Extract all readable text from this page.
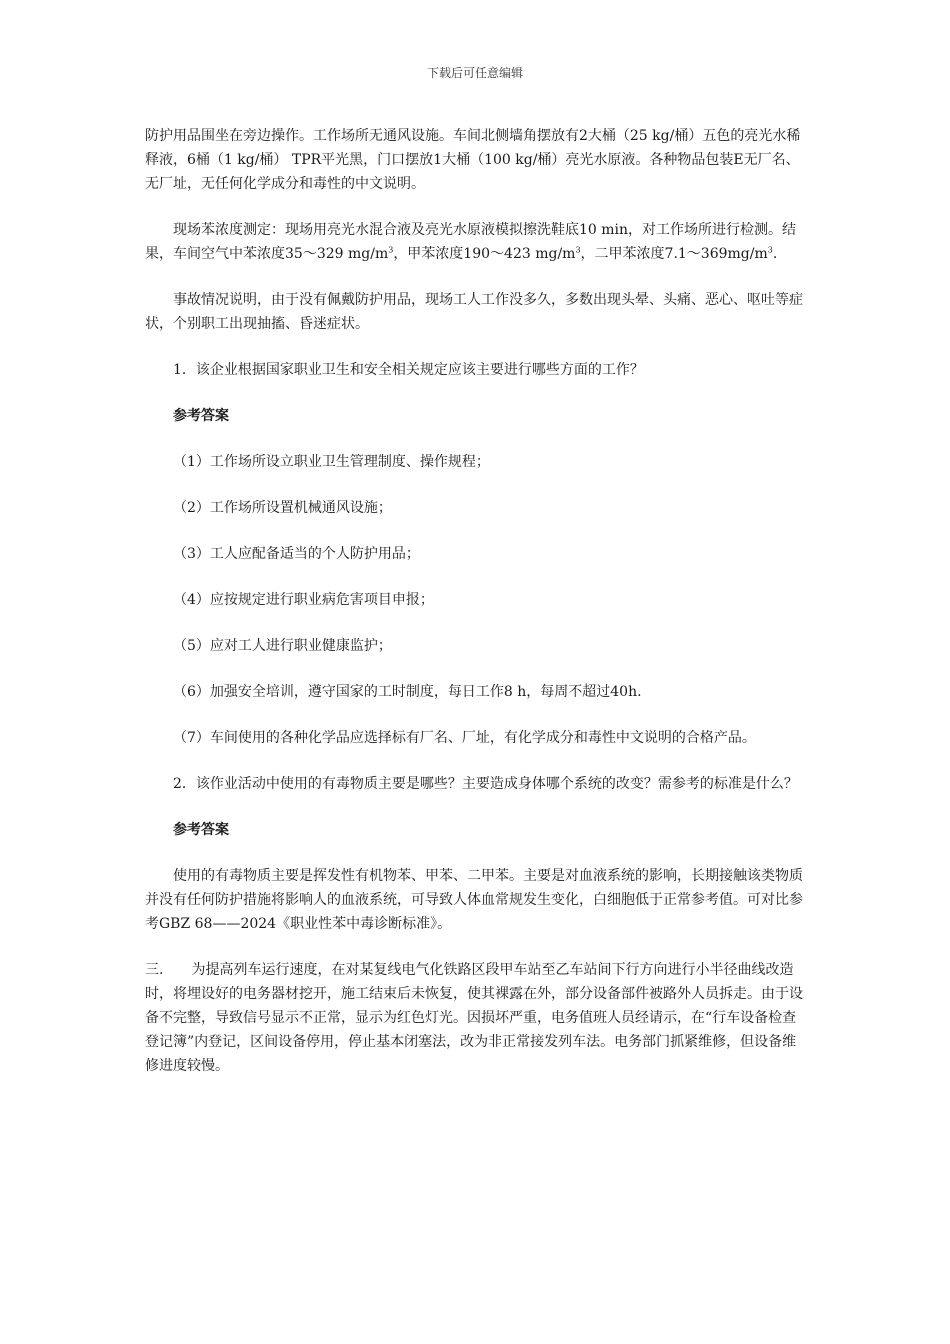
下载后可任意编辑

防护用品围坐在旁边操作。工作场所无通风设施。车间北侧墙角摆放有2大桶（25 kg/桶）五色的亮光水稀释液，6桶（1 kg/桶） TPR平光黑，门口摆放1大桶（100 kg/桶）亮光水原液。各种物品包装E无厂名、无厂址，无任何化学成分和毒性的中文说明。

现场苯浓度测定：现场用亮光水混合液及亮光水原液模拟擦洗鞋底10 min，对工作场所进行检测。结果，车间空气中苯浓度35～329 $mg/m^3$，甲苯浓度190～423 $mg/m^3$，二甲苯浓度$7.1\sim 369mg/m^3$.

事故情况说明，由于没有佩戴防护用品，现场工人工作没多久，多数出现头晕、头痛、恶心、呕吐等症状，个别职工出现抽搐、昏迷症状。

1．该企业根据国家职业卫生和安全相关规定应该主要进行哪些方面的工作？

参考答案

（1）工作场所设立职业卫生管理制度、操作规程；

（2）工作场所设置机械通风设施；

（3）工人应配备适当的个人防护用品；

（4）应按规定进行职业病危害项目申报；

（5）应对工人进行职业健康监护；

（6）加强安全培训，遵守国家的工时制度，每日工作8 h，每周不超过40h.

（7）车间使用的各种化学品应选择标有厂名、厂址，有化学成分和毒性中文说明的合格产品。

2．该作业活动中使用的有毒物质主要是哪些？主要造成身体哪个系统的改变？需参考的标准是什么？

参考答案

使用的有毒物质主要是挥发性有机物苯、甲苯、二甲苯。主要是对血液系统的影响，长期接触该类物质并没有任何防护措施将影响人的血液系统，可导致人体血常规发生变化，白细胞低于正常参考值。可对比参考GBZ 68——2024《职业性苯中毒诊断标准》。

三.　　为提高列车运行速度，在对某复线电气化铁路区段甲车站至乙车站间下行方向进行小半径曲线改造时，将埋设好的电务器材挖开，施工结束后未恢复，使其裸露在外，部分设备部件被路外人员拆走。由于设备不完整，导致信号显示不正常，显示为红色灯光。因损坏严重，电务值班人员经请示，在“行车设备检查登记簿”内登记，区间设备停用，停止基本闭塞法，改为非正常接发列车法。电务部门抓紧维修，但设备维修进度较慢。
